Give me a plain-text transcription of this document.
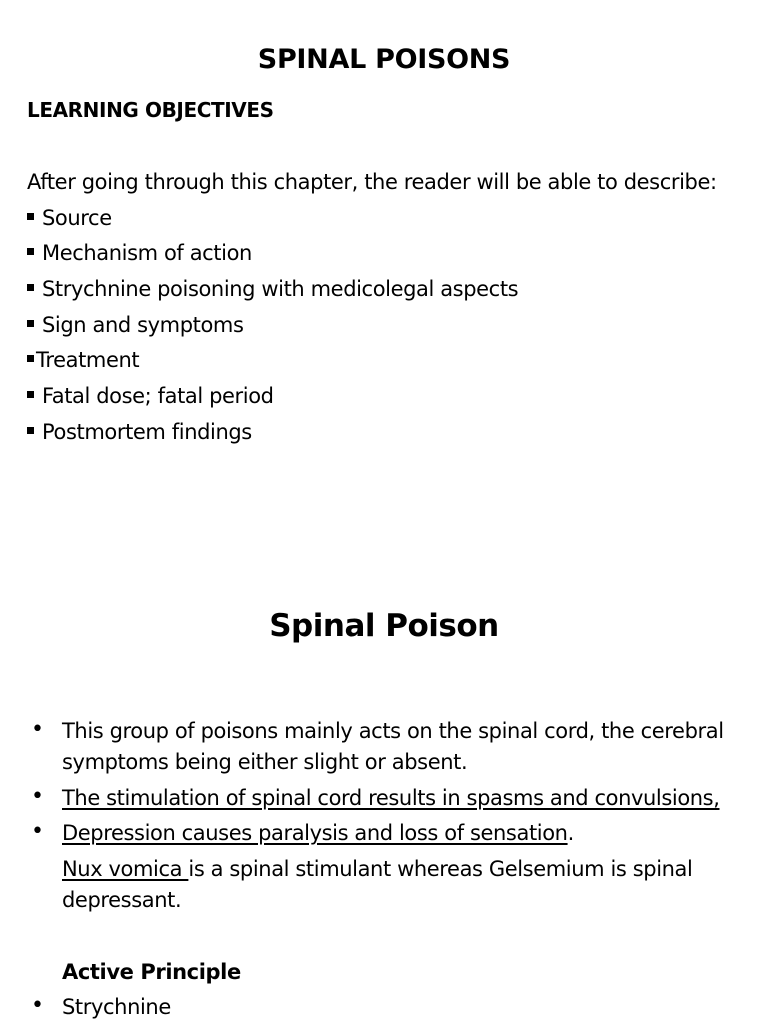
SPINAL POISONS
LEARNING OBJECTIVES
After going through this chapter, the reader will be able to describe:
Source
Mechanism of action
Strychnine poisoning with medicolegal aspects
Sign and symptoms
Treatment
Fatal dose; fatal period
Postmortem findings
Spinal Poison
• This group of poisons mainly acts on the spinal cord, the cerebral
symptoms being either slight or absent.
• The stimulation of spinal cord results in spasms and convulsions,
• Depression causes paralysis and loss of sensation.
Nux vomica is a spinal stimulant whereas Gelsemium is spinal
depressant.
Active Principle
• Strychnine
